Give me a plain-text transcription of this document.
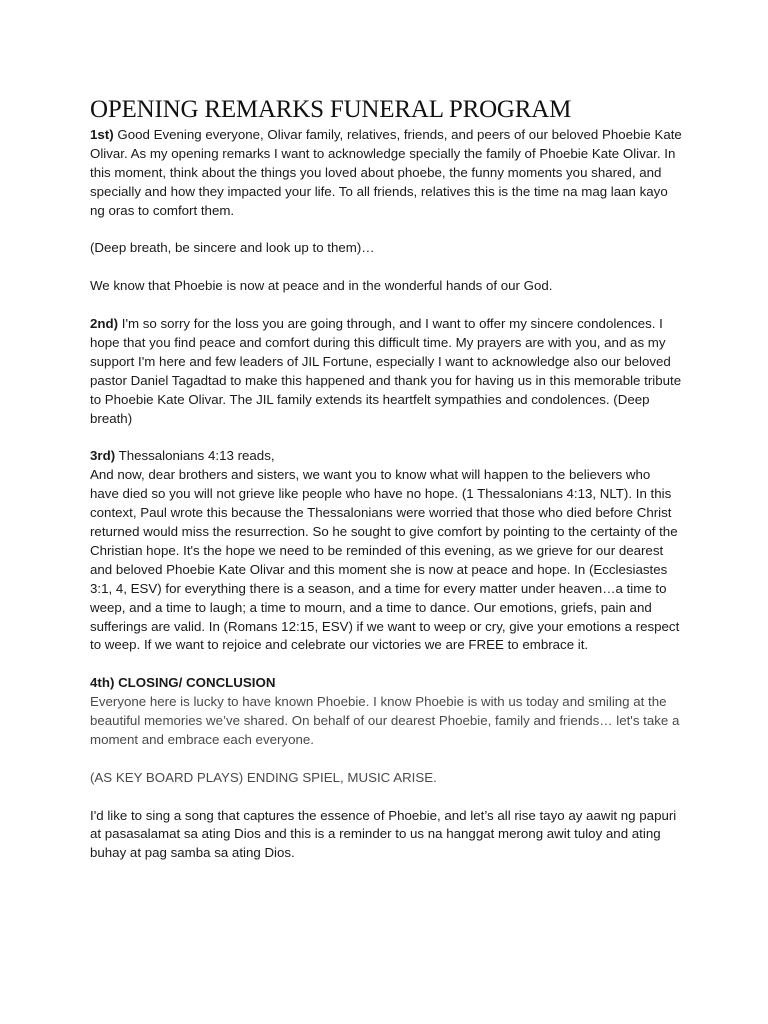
OPENING REMARKS FUNERAL PROGRAM

1st) Good Evening everyone, Olivar family, relatives, friends, and peers of our beloved Phoebie Kate Olivar. As my opening remarks I want to acknowledge specially the family of Phoebie Kate Olivar. In this moment, think about the things you loved about phoebe, the funny moments you shared, and specially and how they impacted your life. To all friends, relatives this is the time na mag laan kayo ng oras to comfort them.

(Deep breath, be sincere and look up to them)…

We know that Phoebie is now at peace and in the wonderful hands of our God.

2nd) I'm so sorry for the loss you are going through, and I want to offer my sincere condolences. I hope that you find peace and comfort during this difficult time. My prayers are with you, and as my support I'm here and few leaders of JIL Fortune, especially I want to acknowledge also our beloved pastor Daniel Tagadtad to make this happened and thank you for having us in this memorable tribute to Phoebie Kate Olivar. The JIL family extends its heartfelt sympathies and condolences. (Deep breath)

3rd) Thessalonians 4:13 reads,

And now, dear brothers and sisters, we want you to know what will happen to the believers who have died so you will not grieve like people who have no hope. (1 Thessalonians 4:13, NLT). In this context, Paul wrote this because the Thessalonians were worried that those who died before Christ returned would miss the resurrection. So he sought to give comfort by pointing to the certainty of the Christian hope. It's the hope we need to be reminded of this evening, as we grieve for our dearest and beloved Phoebie Kate Olivar and this moment she is now at peace and hope. In (Ecclesiastes 3:1, 4, ESV) for everything there is a season, and a time for every matter under heaven…a time to weep, and a time to laugh; a time to mourn, and a time to dance. Our emotions, griefs, pain and sufferings are valid. In (Romans 12:15, ESV) if we want to weep or cry, give your emotions a respect to weep. If we want to rejoice and celebrate our victories we are FREE to embrace it.

4th) CLOSING/ CONCLUSION

Everyone here is lucky to have known Phoebie. I know Phoebie is with us today and smiling at the beautiful memories we’ve shared. On behalf of our dearest Phoebie, family and friends… let's take a moment and embrace each everyone.

(AS KEY BOARD PLAYS) ENDING SPIEL, MUSIC ARISE.

I'd like to sing a song that captures the essence of Phoebie, and let’s all rise tayo ay aawit ng papuri at pasasalamat sa ating Dios and this is a reminder to us na hanggat merong awit tuloy and ating buhay at pag samba sa ating Dios.
